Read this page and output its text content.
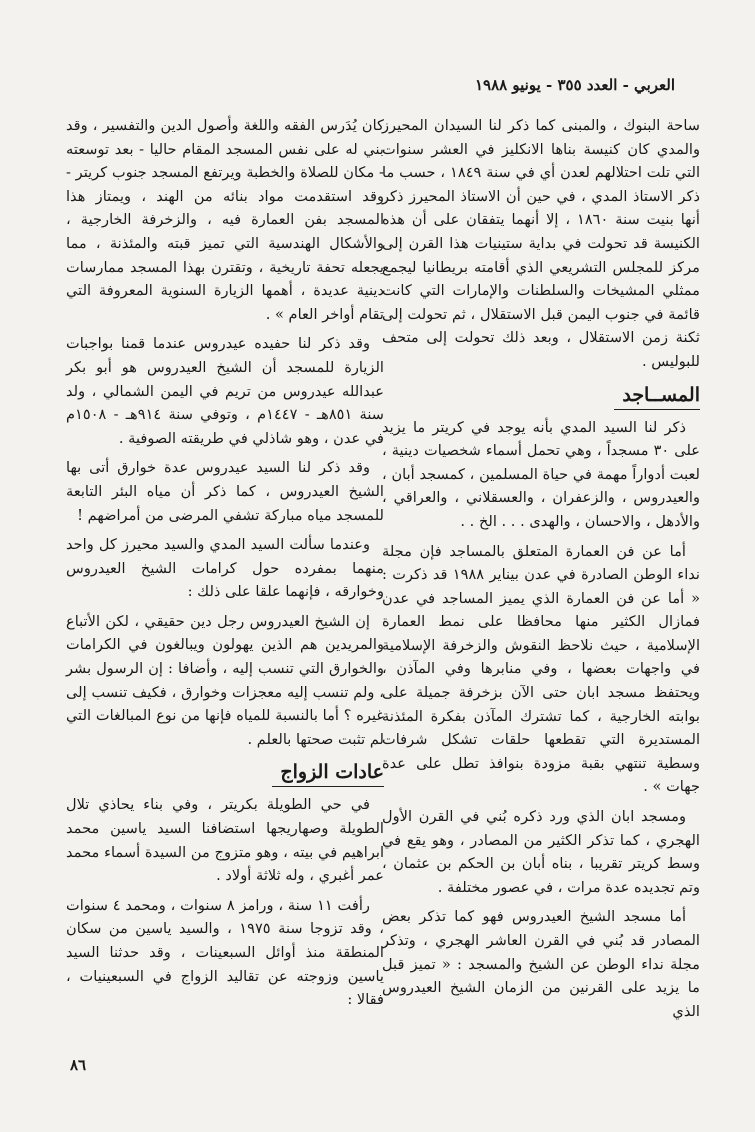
العربي - العدد ٣٥٥ - يونيو ١٩٨٨

ساحة البنوك ، والمبنى كما ذكر لنا السيدان المحيرز والمدي كان كنيسة بناها الانكليز في العشر سنوات التي تلت احتلالهم لعدن أي في سنة ١٨٤٩ ، حسب ما ذكر الاستاذ المدي ، في حين أن الاستاذ المحيرز ذكر أنها بنيت سنة ١٨٦٠ ، إلا أنهما يتفقان على أن هذه الكنيسة قد تحولت في بداية ستينيات هذا القرن إلى مركز للمجلس التشريعي الذي أقامته بريطانيا ليجمع ممثلي المشيخات والسلطنات والإمارات التي كانت قائمة في جنوب اليمن قبل الاستقلال ، ثم تحولت إلى ثكنة زمن الاستقلال ، وبعد ذلك تحولت إلى متحف للبوليس .

المســاجد

ذكر لنا السيد المدي بأنه يوجد في كريتر ما يزيد على ٣٠ مسجداً ، وهي تحمل أسماء شخصيات دينية ، لعبت أدواراً مهمة في حياة المسلمين ، كمسجد أبان ، والعيدروس ، والزعفران ، والعسقلاني ، والعراقي ، والأدهل ، والاحسان ، والهدى . . . الخ . .

أما عن فن العمارة المتعلق بالمساجد فإن مجلة نداء الوطن الصادرة في عدن بيناير ١٩٨٨ قد ذكرت : « أما عن فن العمارة الذي يميز المساجد في عدن فمازال الكثير منها محافظا على نمط العمارة الإسلامية ، حيث نلاحظ النقوش والزخرفة الإسلامية في واجهات بعضها ، وفي منابرها وفي المآذن ، ويحتفظ مسجد ابان حتى الآن بزخرفة جميلة على بوابته الخارجية ، كما تشترك المآذن بفكرة المئذنة المستديرة التي تقطعها حلقات تشكل شرفات وسطية تنتهي بقبة مزودة بنوافذ تطل على عدة جهات » .

ومسجد ابان الذي ورد ذكره بُني في القرن الأول الهجري ، كما تذكر الكثير من المصادر ، وهو يقع في وسط كريتر تقريبا ، بناه أبان بن الحكم بن عثمان ، وتم تجديده عدة مرات ، في عصور مختلفة .

أما مسجد الشيخ العيدروس فهو كما تذكر بعض المصادر قد بُني في القرن العاشر الهجري ، وتذكر مجلة نداء الوطن عن الشيخ والمسجد : « تميز قبل ما يزيد على القرنين من الزمان الشيخ العيدروس الذي

كان يُدَرس الفقه واللغة وأصول الدين والتفسير ، وقد بني له على نفس المسجد المقام حاليا - بعد توسعته - مكان للصلاة والخطبة ويرتفع المسجد جنوب كريتر - وقد استقدمت مواد بنائه من الهند ، ويمتاز هذا المسجد بفن العمارة فيه ، والزخرفة الخارجية ، والأشكال الهندسية التي تميز قبته والمئذنة ، مما يجعله تحفة تاريخية ، وتقترن بهذا المسجد ممارسات دينية عديدة ، أهمها الزيارة السنوية المعروفة التي تقام أواخر العام » .

وقد ذكر لنا حفيده عيدروس عندما قمنا بواجبات الزيارة للمسجد أن الشيخ العيدروس هو أبو بكر عبدالله عيدروس من تريم في اليمن الشمالي ، ولد سنة ٨٥١هـ - ١٤٤٧م ، وتوفي سنة ٩١٤هـ - ١٥٠٨م في عدن ، وهو شاذلي في طريقته الصوفية .

وقد ذكر لنا السيد عيدروس عدة خوارق أتى بها الشيخ العيدروس ، كما ذكر أن مياه البئر التابعة للمسجد مياه مباركة تشفي المرضى من أمراضهم !

وعندما سألت السيد المدي والسيد محيرز كل واحد منهما بمفرده حول كرامات الشيخ العيدروس وخوارقه ، فإنهما علقا على ذلك :

إن الشيخ العيدروس رجل دين حقيقي ، لكن الأتباع والمريدين هم الذين يهولون ويبالغون في الكرامات والخوارق التي تنسب إليه ، وأضافا : إن الرسول بشر ، ولم تنسب إليه معجزات وخوارق ، فكيف تنسب إلى غيره ؟ أما بالنسبة للمياه فإنها من نوع المبالغات التي لم تثبت صحتها بالعلم .

عادات الزواج

في حي الطويلة بكريتر ، وفي بناء يحاذي تلال الطويلة وصهاريجها استضافنا السيد ياسين محمد ابراهيم في بيته ، وهو متزوج من السيدة أسماء محمد عمر أغبري ، وله ثلاثة أولاد .

رأفت ١١ سنة ، ورامز ٨ سنوات ، ومحمد ٤ سنوات ، وقد تزوجا سنة ١٩٧٥ ، والسيد ياسين من سكان المنطقة منذ أوائل السبعينات ، وقد حدثنا السيد ياسين وزوجته عن تقاليد الزواج في السبعينيات ، فقالا :

٨٦
